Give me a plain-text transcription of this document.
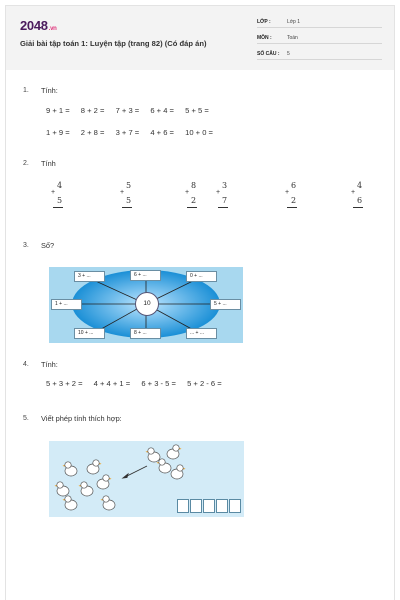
2048.vn
Giải bài tập toán 1: Luyện tập (trang 82) (Có đáp án)
LỚP :	Lớp 1
MÔN :	Toán
SỐ CÂU : 5
1. Tính:
9 + 1 = 8 + 2 = 7 + 3 = 6 + 4 = 5 + 5 =
1 + 9 = 2 + 8 = 3 + 7 = 4 + 6 = 10 + 0 =
2. Tính
4
+
5
5
+
5
8
+
2
3
+
7
6
+
2
4
+
6
3. Số?
10
3 + ...	6 + ...	0 + ...
1 + ...	5 + ...
10 + ...	8 + ...	... + ...
4. Tính:
5 + 3 + 2 = 4 + 4 + 1 = 6 + 3 - 5 = 5 + 2 - 6 =
5. Viết phép tính thích hợp:
